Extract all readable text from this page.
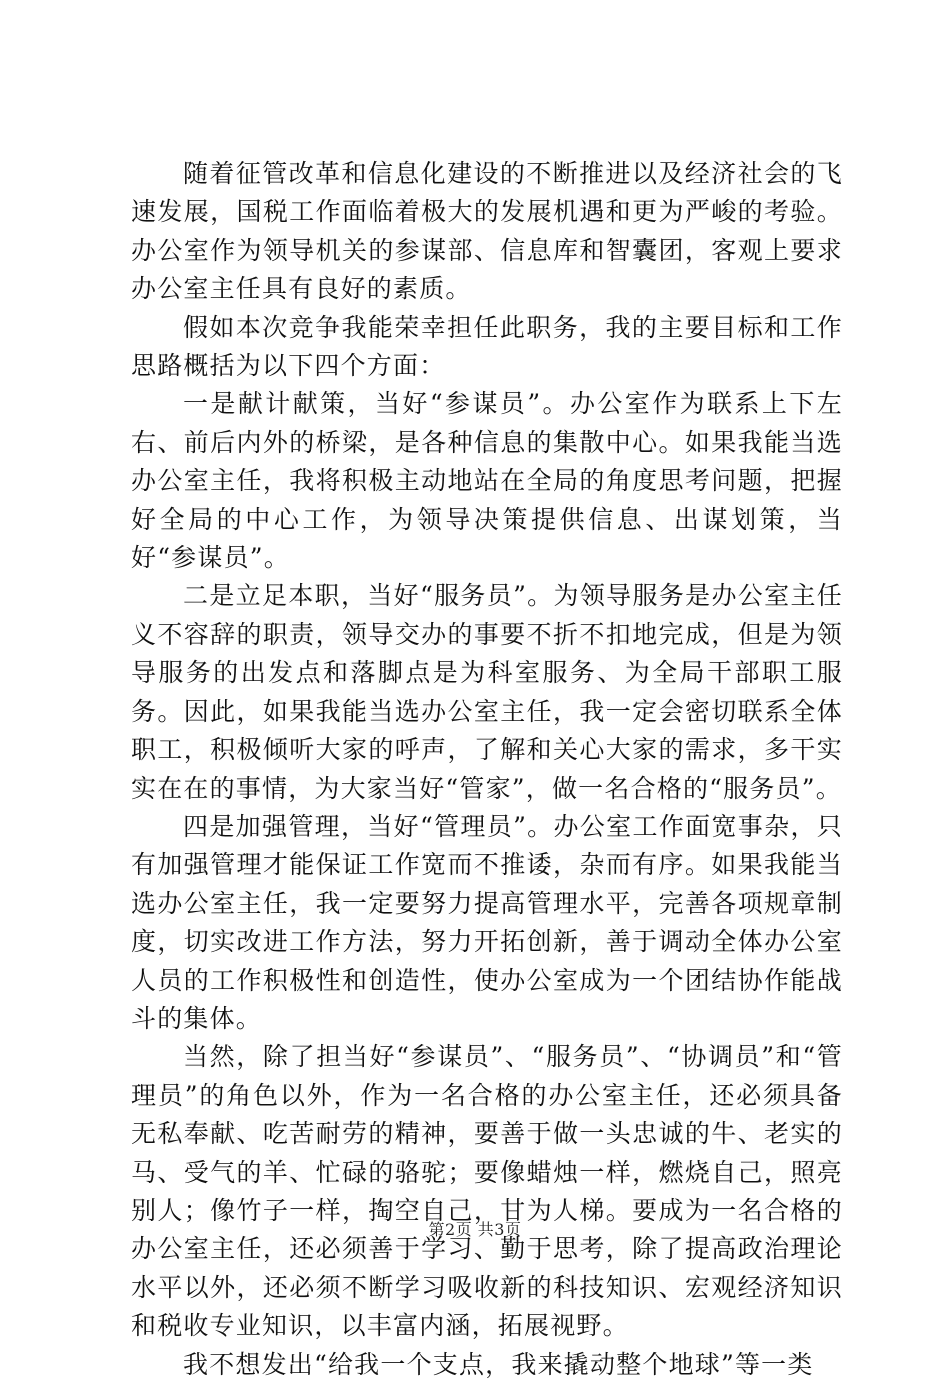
随着征管改革和信息化建设的不断推进以及经济社会的飞速发展，国税工作面临着极大的发展机遇和更为严峻的考验。办公室作为领导机关的参谋部、信息库和智囊团，客观上要求办公室主任具有良好的素质。

假如本次竞争我能荣幸担任此职务，我的主要目标和工作思路概括为以下四个方面：

一是献计献策，当好“参谋员”。办公室作为联系上下左右、前后内外的桥梁，是各种信息的集散中心。如果我能当选办公室主任，我将积极主动地站在全局的角度思考问题，把握好全局的中心工作，为领导决策提供信息、出谋划策，当好“参谋员”。

二是立足本职，当好“服务员”。为领导服务是办公室主任义不容辞的职责，领导交办的事要不折不扣地完成，但是为领导服务的出发点和落脚点是为科室服务、为全局干部职工服务。因此，如果我能当选办公室主任，我一定会密切联系全体职工，积极倾听大家的呼声，了解和关心大家的需求，多干实实在在的事情，为大家当好“管家”，做一名合格的“服务员”。

四是加强管理，当好“管理员”。办公室工作面宽事杂，只有加强管理才能保证工作宽而不推诿，杂而有序。如果我能当选办公室主任，我一定要努力提高管理水平，完善各项规章制度，切实改进工作方法，努力开拓创新，善于调动全体办公室人员的工作积极性和创造性，使办公室成为一个团结协作能战斗的集体。

当然，除了担当好“参谋员”、“服务员”、“协调员”和“管理员”的角色以外，作为一名合格的办公室主任，还必须具备无私奉献、吃苦耐劳的精神，要善于做一头忠诚的牛、老实的马、受气的羊、忙碌的骆驼；要像蜡烛一样，燃烧自己，照亮别人；像竹子一样，掏空自己，甘为人梯。要成为一名合格的办公室主任，还必须善于学习、勤于思考，除了提高政治理论水平以外，还必须不断学习吸收新的科技知识、宏观经济知识和税收专业知识，以丰富内涵，拓展视野。

我不想发出“给我一个支点，我来撬动整个地球”等一类

第2页 共3页
